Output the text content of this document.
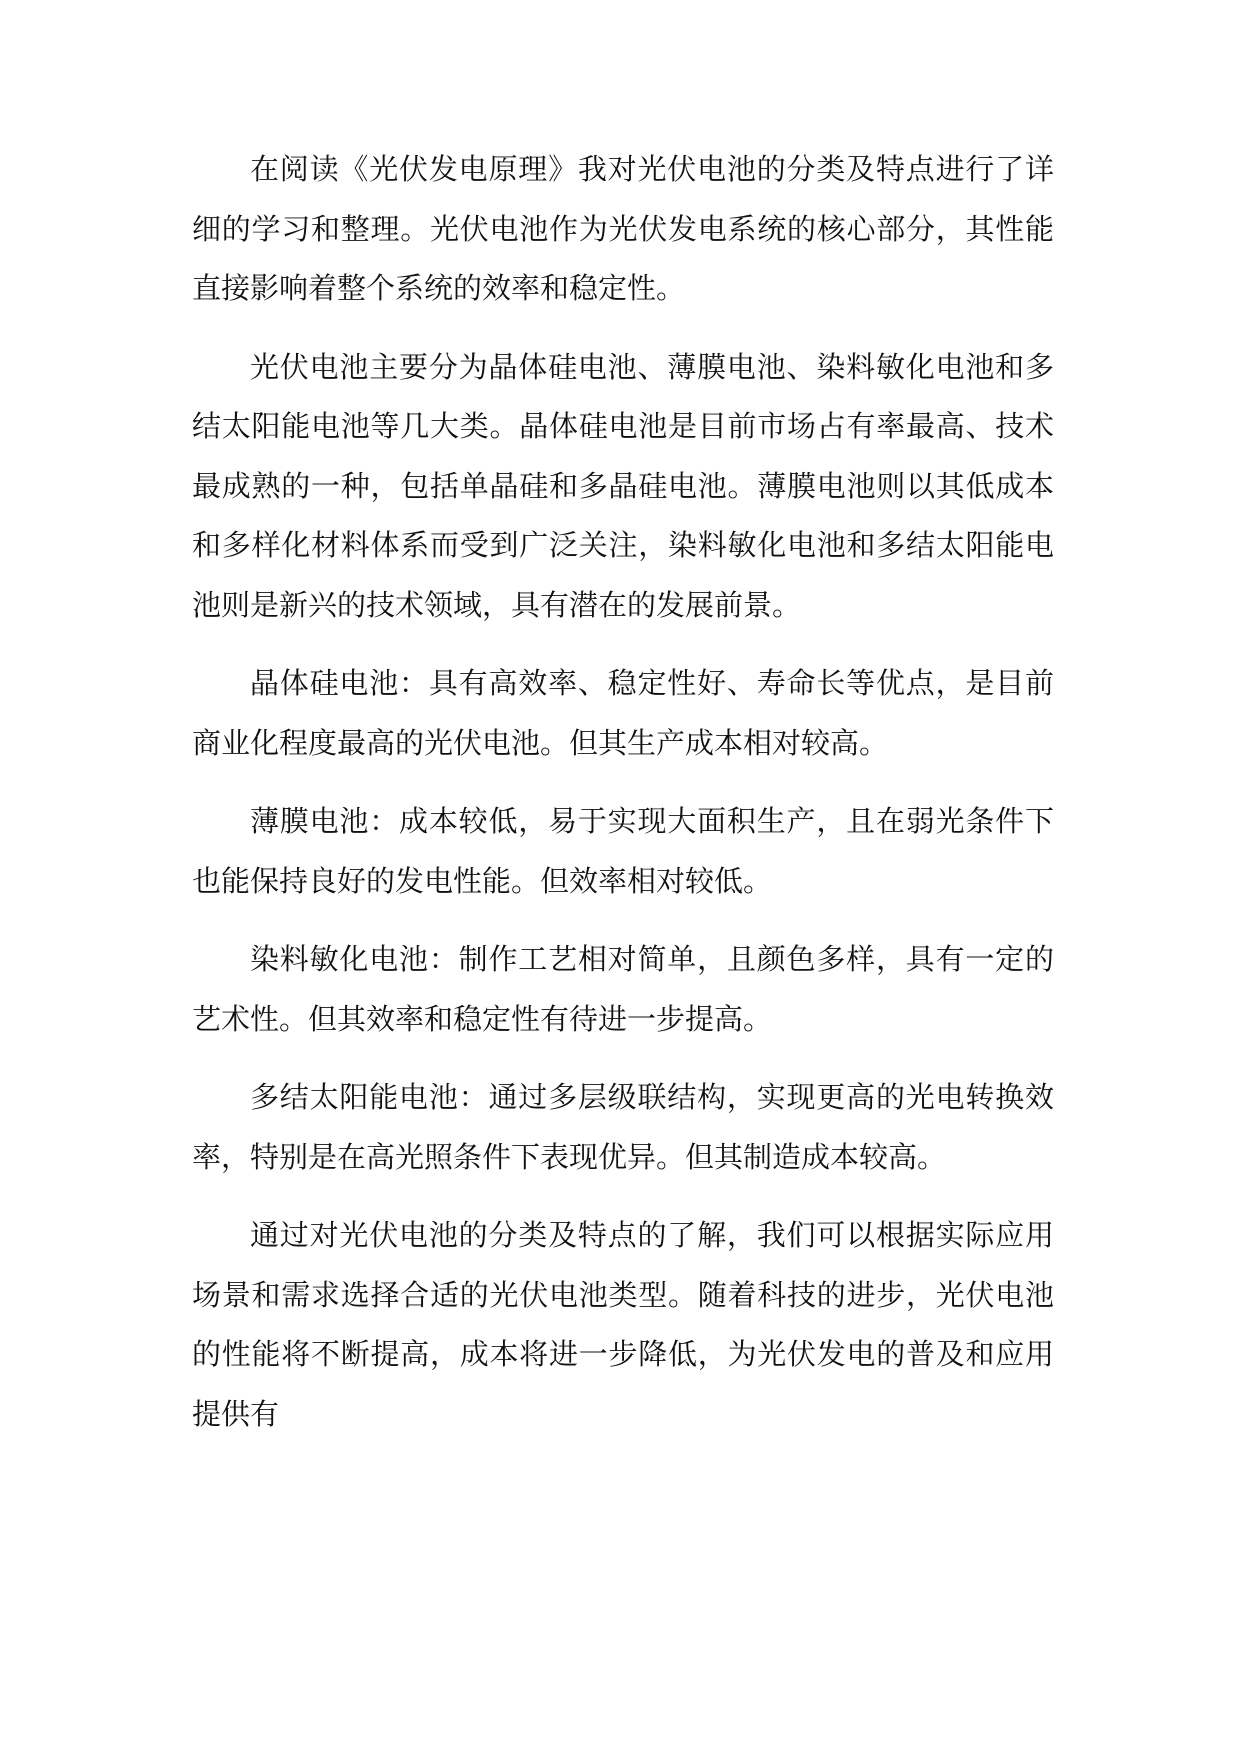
在阅读《光伏发电原理》我对光伏电池的分类及特点进行了详细的学习和整理。光伏电池作为光伏发电系统的核心部分，其性能直接影响着整个系统的效率和稳定性。

光伏电池主要分为晶体硅电池、薄膜电池、染料敏化电池和多结太阳能电池等几大类。晶体硅电池是目前市场占有率最高、技术最成熟的一种，包括单晶硅和多晶硅电池。薄膜电池则以其低成本和多样化材料体系而受到广泛关注，染料敏化电池和多结太阳能电池则是新兴的技术领域，具有潜在的发展前景。

晶体硅电池：具有高效率、稳定性好、寿命长等优点，是目前商业化程度最高的光伏电池。但其生产成本相对较高。

薄膜电池：成本较低，易于实现大面积生产，且在弱光条件下也能保持良好的发电性能。但效率相对较低。

染料敏化电池：制作工艺相对简单，且颜色多样，具有一定的艺术性。但其效率和稳定性有待进一步提高。

多结太阳能电池：通过多层级联结构，实现更高的光电转换效率，特别是在高光照条件下表现优异。但其制造成本较高。

通过对光伏电池的分类及特点的了解，我们可以根据实际应用场景和需求选择合适的光伏电池类型。随着科技的进步，光伏电池的性能将不断提高，成本将进一步降低，为光伏发电的普及和应用提供有
